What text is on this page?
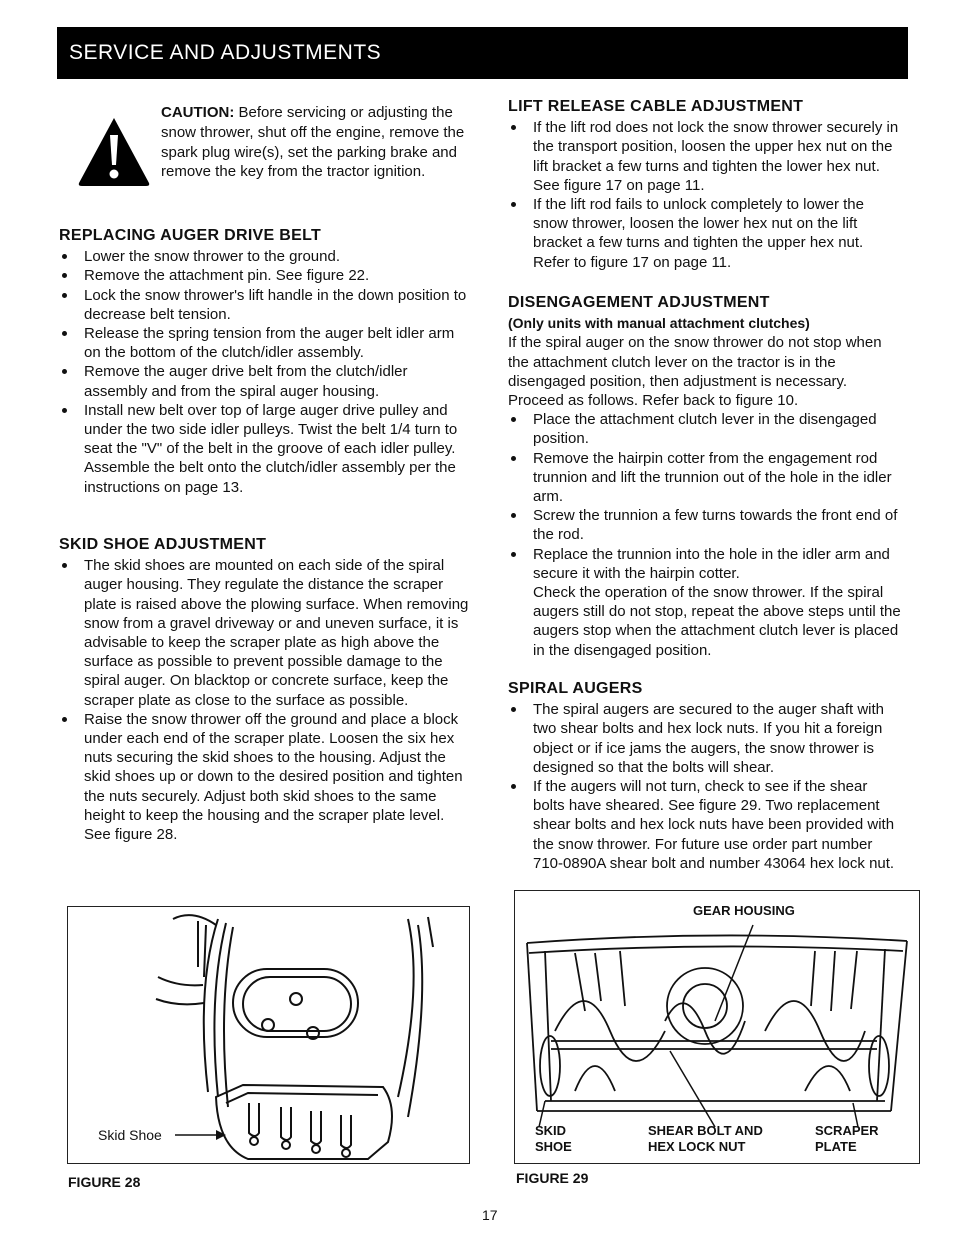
SERVICE AND ADJUSTMENTS
CAUTION: Before servicing or adjusting the snow thrower, shut off the engine, remove the spark plug wire(s), set the parking brake and remove the key from the tractor ignition.
REPLACING AUGER DRIVE BELT
Lower the snow thrower to the ground.
Remove the attachment pin. See figure 22.
Lock the snow thrower's lift handle in the down position to decrease belt tension.
Release the spring tension from the auger belt idler arm on the bottom of the clutch/idler assembly.
Remove the auger drive belt from the clutch/idler assembly and from the spiral auger housing.
Install new belt over top of large auger drive pulley and under the two side idler pulleys. Twist the belt 1/4 turn to seat the "V" of the belt in the groove of each idler pulley.
Assemble the belt onto the clutch/idler assembly per the instructions on page 13.
SKID SHOE ADJUSTMENT
The skid shoes are mounted on each side of the spiral auger housing. They regulate the distance the scraper plate is raised above the plowing surface. When removing snow from a gravel driveway or and uneven surface, it is advisable to keep the scraper plate as high above the surface as possible to prevent possible damage to the spiral auger. On blacktop or concrete surface, keep the scraper plate as close to the surface as possible.
Raise the snow thrower off the ground and place a block under each end of the scraper plate. Loosen the six hex nuts securing the skid shoes to the housing. Adjust the skid shoes up or down to the desired position and tighten the nuts securely. Adjust both skid shoes to the same height to keep the housing and the scraper plate level. See figure 28.
Skid Shoe
FIGURE 28
LIFT RELEASE CABLE ADJUSTMENT
If the lift rod does not lock the snow thrower securely in the transport position, loosen the upper hex nut on the lift bracket a few turns and tighten the lower hex nut. See figure 17 on page 11.
If the lift rod fails to unlock completely to lower the snow thrower, loosen the lower hex nut on the lift bracket a few turns and tighten the upper hex nut. Refer to figure 17 on page 11.
DISENGAGEMENT ADJUSTMENT
(Only units with manual attachment clutches)

If the spiral auger on the snow thrower do not stop when the attachment clutch lever on the tractor is in the disengaged position, then adjustment is necessary. Proceed as follows. Refer back to figure 10.

Place the attachment clutch lever in the disengaged position.
Remove the hairpin cotter from the engagement rod trunnion and lift the trunnion out of the hole in the idler arm.
Screw the trunnion a few turns towards the front end of the rod.
Replace the trunnion into the hole in the idler arm and secure it with the hairpin cotter.
Check the operation of the snow thrower. If the spiral augers still do not stop, repeat the above steps until the augers stop when the attachment clutch lever is placed in the disengaged position.
SPIRAL AUGERS
The spiral augers are secured to the auger shaft with two shear bolts and hex lock nuts. If you hit a foreign object or if ice jams the augers, the snow thrower is designed so that the bolts will shear.
If the augers will not turn, check to see if the shear bolts have sheared. See figure 29. Two replacement shear bolts and hex lock nuts have been provided with the snow thrower. For future use order part number 710-0890A shear bolt and number 43064 hex lock nut.
GEAR HOUSING
SKID SHOE
SHEAR BOLT AND HEX LOCK NUT
SCRAPER PLATE
FIGURE 29
17
